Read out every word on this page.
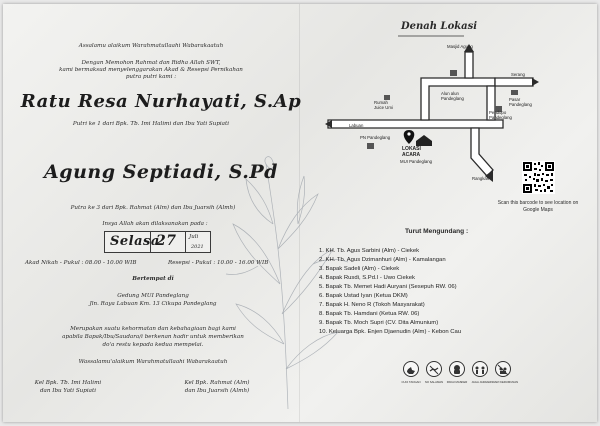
Assalamu alaikum Warahmatullaahi Wabarakaatuh
Dengan Memohon Rahmat dan Ridha Allah SWT,
kami bermaksud menyelenggarakan Akad & Resepsi Pernikahan
putra putri kami :
Ratu Resa Nurhayati, S.Ap
Putri ke 1 dari Bpk. Tb. Imi Halimi dan Ibu Yati Supiati
Agung Septiadi, S.Pd
Putra ke 3 dari Bpk. Rahmat (Alm) dan Ibu Juarsih (Almh)
Insya Allah akan dilaksanakan pada :
Selasa
27 Juli
2021
Akad Nikah - Pukul : 08.00 - 10.00 WIB	Resepsi - Pukul : 10.00 - 16.00 WIB
Bertempat di
Gedung MUI Pandeglang
Jln. Raya Labuan Km. 13 Cikupa Pandeglang
Merupakan suatu kehormatan dan kebahagiaan bagi kami
apabila Bapak/Ibu/Saudara/i berkenan hadir untuk memberikan
do'a restu kepada kedua mempelai.
Wassalamu'alaikum Warahmatullaahi Wabarakaatuh
Kel Bpk. Tb. Imi Halimi
dan Ibu Yati Supiati
Kel Bpk. Rahmat (Alm)
dan Ibu Juarsih (Almh)
Denah Lokasi
Masjid Agung
Serang
Rumah Juice Umi
Alun alun Pandeglang	Pasar Pandeglang
Pendopo Pandeglang
Labuan
PN Pandeglang
LOKASI
ACARA
MUI Pandeglang
Rangkas
Scan this barcode to see location on
Google Maps
Turut Mengundang :
1. KH. Tb. Agus Sarbini (Alm) - Ciekek
2. KH. Tb. Agus Dzimanhuri (Alm) - Kamalangan
3. Bapak Sadeli (Alm) - Ciekek
4. Bapak Rusdi, S.Pd.I - Uwo Ciekek
5. Bapak Tb. Memet Hadi Auryani (Sesepuh RW. 06)
6. Bapak Ustad Iyan (Ketua DKM)
7. Bapak H. Neno R (Tokoh Masyarakat)
8. Bapak Tb. Hamdani (Ketua RW. 06)
9. Bapak Tb. Moch Supri (CV. Dita Almunium)
10. Keluarga Bpk. Enjen Djaenudin (Alm) - Kebon Cau
CUCI TANGAN NO SALAMAN PAKAI MASKER JAGA JARAK HINDARI KERUMUNAN
